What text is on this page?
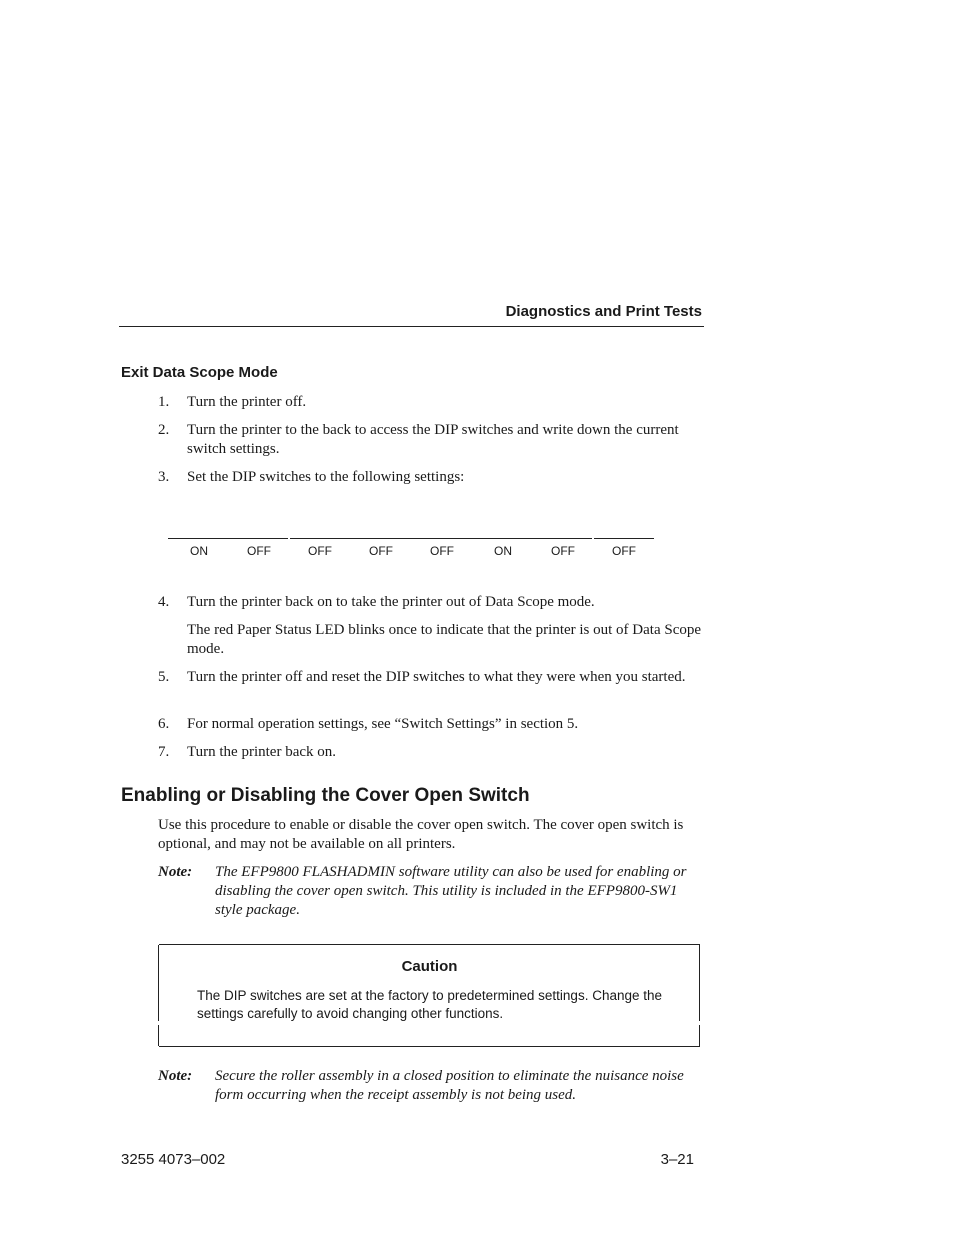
Diagnostics and Print Tests
Exit Data Scope Mode
1. Turn the printer off.
2. Turn the printer to the back to access the DIP switches and write down the current switch settings.
3. Set the DIP switches to the following settings:
ON	OFF	OFF	OFF	OFF	ON	OFF	OFF
4. Turn the printer back on to take the printer out of Data Scope mode.
The red Paper Status LED blinks once to indicate that the printer is out of Data Scope mode.
5. Turn the printer off and reset the DIP switches to what they were when you started.
6. For normal operation settings, see “Switch Settings” in section 5.
7. Turn the printer back on.
Enabling or Disabling the Cover Open Switch
Use this procedure to enable or disable the cover open switch. The cover open switch is optional, and may not be available on all printers.
Note: The EFP9800 FLASHADMIN software utility can also be used for enabling or disabling the cover open switch. This utility is included in the EFP9800-SW1 style package.
Caution
The DIP switches are set at the factory to predetermined settings. Change the settings carefully to avoid changing other functions.
Note: Secure the roller assembly in a closed position to eliminate the nuisance noise form occurring when the receipt assembly is not being used.
3255 4073–002	3–21
